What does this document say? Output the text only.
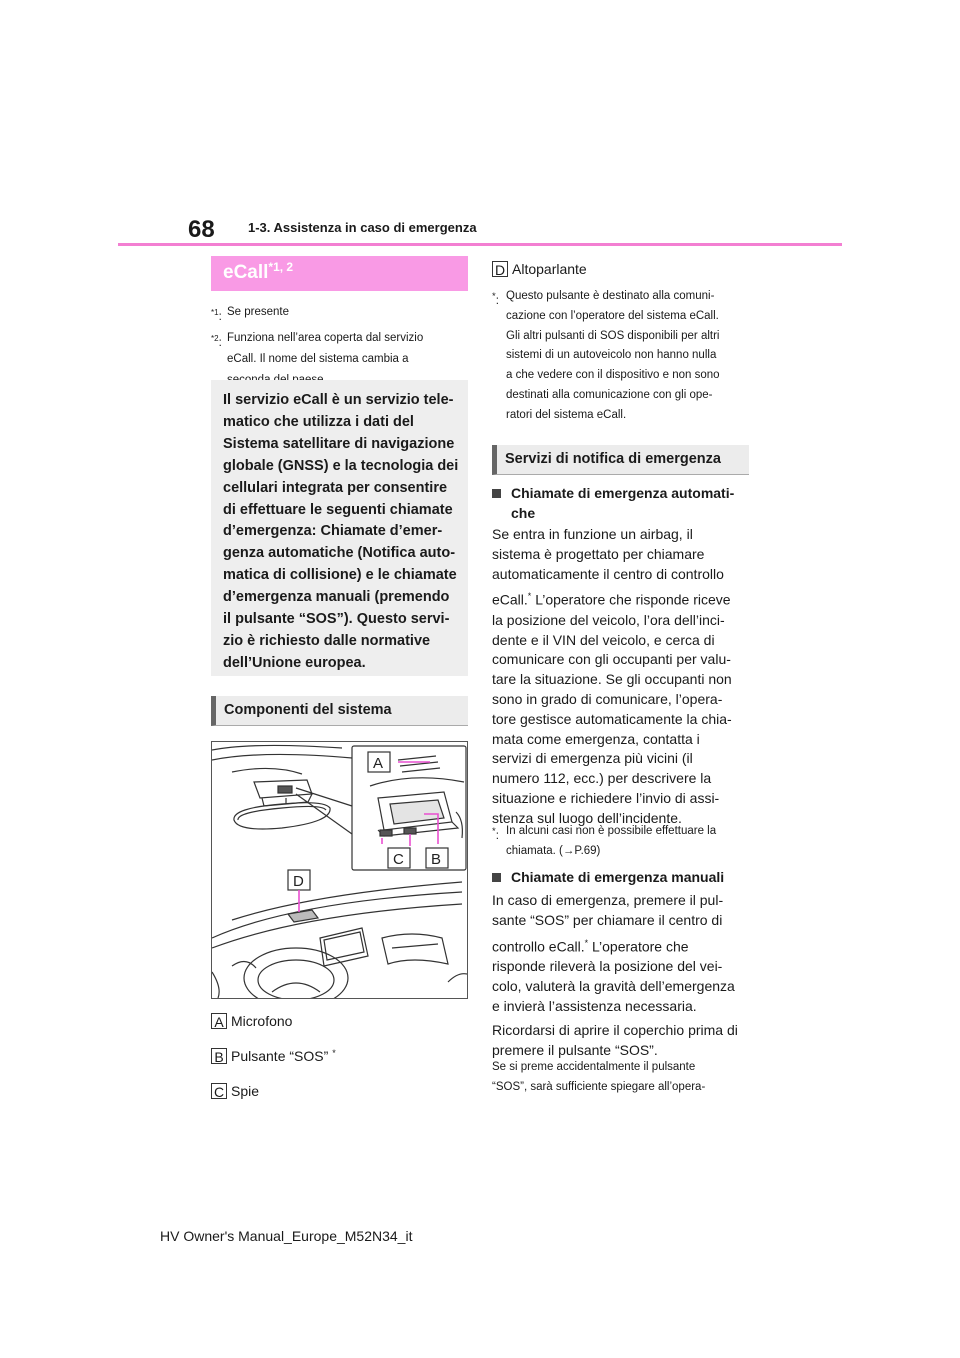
68	1-3. Assistenza in caso di emergenza
eCall$^{*1, 2}$
$^{*1}$: Se presente
$^{*2}$: Funziona nell’area coperta dal servizio
eCall. Il nome del sistema cambia a
Il servizio eCall è un servizio tele-
matico che utilizza i dati del
Sistema satellitare di navigazione
globale (GNSS) e la tecnologia dei
cellulari integrata per consentire
di effettuare le seguenti chiamate
d’emergenza: Chiamate d’emer-
genza automatiche (Notifica auto-
matica di collisione) e le chiamate
d’emergenza manuali (premendo
il pulsante “SOS”). Questo servi-
zio è richiesto dalle normative
dell’Unione europea.
Componenti del sistema
A
C B
D
A Microfono
B Pulsante “SOS” *
C Spie
D Altoparlante
*: Questo pulsante è destinato alla comuni-
cazione con l’operatore del sistema eCall.
Gli altri pulsanti di SOS disponibili per altri
sistemi di un autoveicolo non hanno nulla
a che vedere con il dispositivo e non sono
destinati alla comunicazione con gli ope-
ratori del sistema eCall.
Servizi di notifica di emergenza
Chiamate di emergenza automati-
che
Se entra in funzione un airbag, il
sistema è progettato per chiamare
automaticamente il centro di controllo
eCall.* L’operatore che risponde riceve
la posizione del veicolo, l’ora dell’inci-
dente e il VIN del veicolo, e cerca di
comunicare con gli occupanti per valu-
tare la situazione. Se gli occupanti non
sono in grado di comunicare, l’opera-
tore gestisce automaticamente la chia-
mata come emergenza, contatta i
servizi di emergenza più vicini (il
numero 112, ecc.) per descrivere la
situazione e richiedere l’invio di assi-
stenza sul luogo dell’incidente.
*: In alcuni casi non è possibile effettuare la
chiamata. (→P.69)
Chiamate di emergenza manuali
In caso di emergenza, premere il pul-
sante “SOS” per chiamare il centro di
controllo eCall.* L’operatore che
risponde rileverà la posizione del vei-
colo, valuterà la gravità dell’emergenza
e invierà l’assistenza necessaria.
Ricordarsi di aprire il coperchio prima di
premere il pulsante “SOS”.
Se si preme accidentalmente il pulsante
“SOS”, sarà sufficiente spiegare all’opera-
HV Owner's Manual_Europe_M52N34_it
